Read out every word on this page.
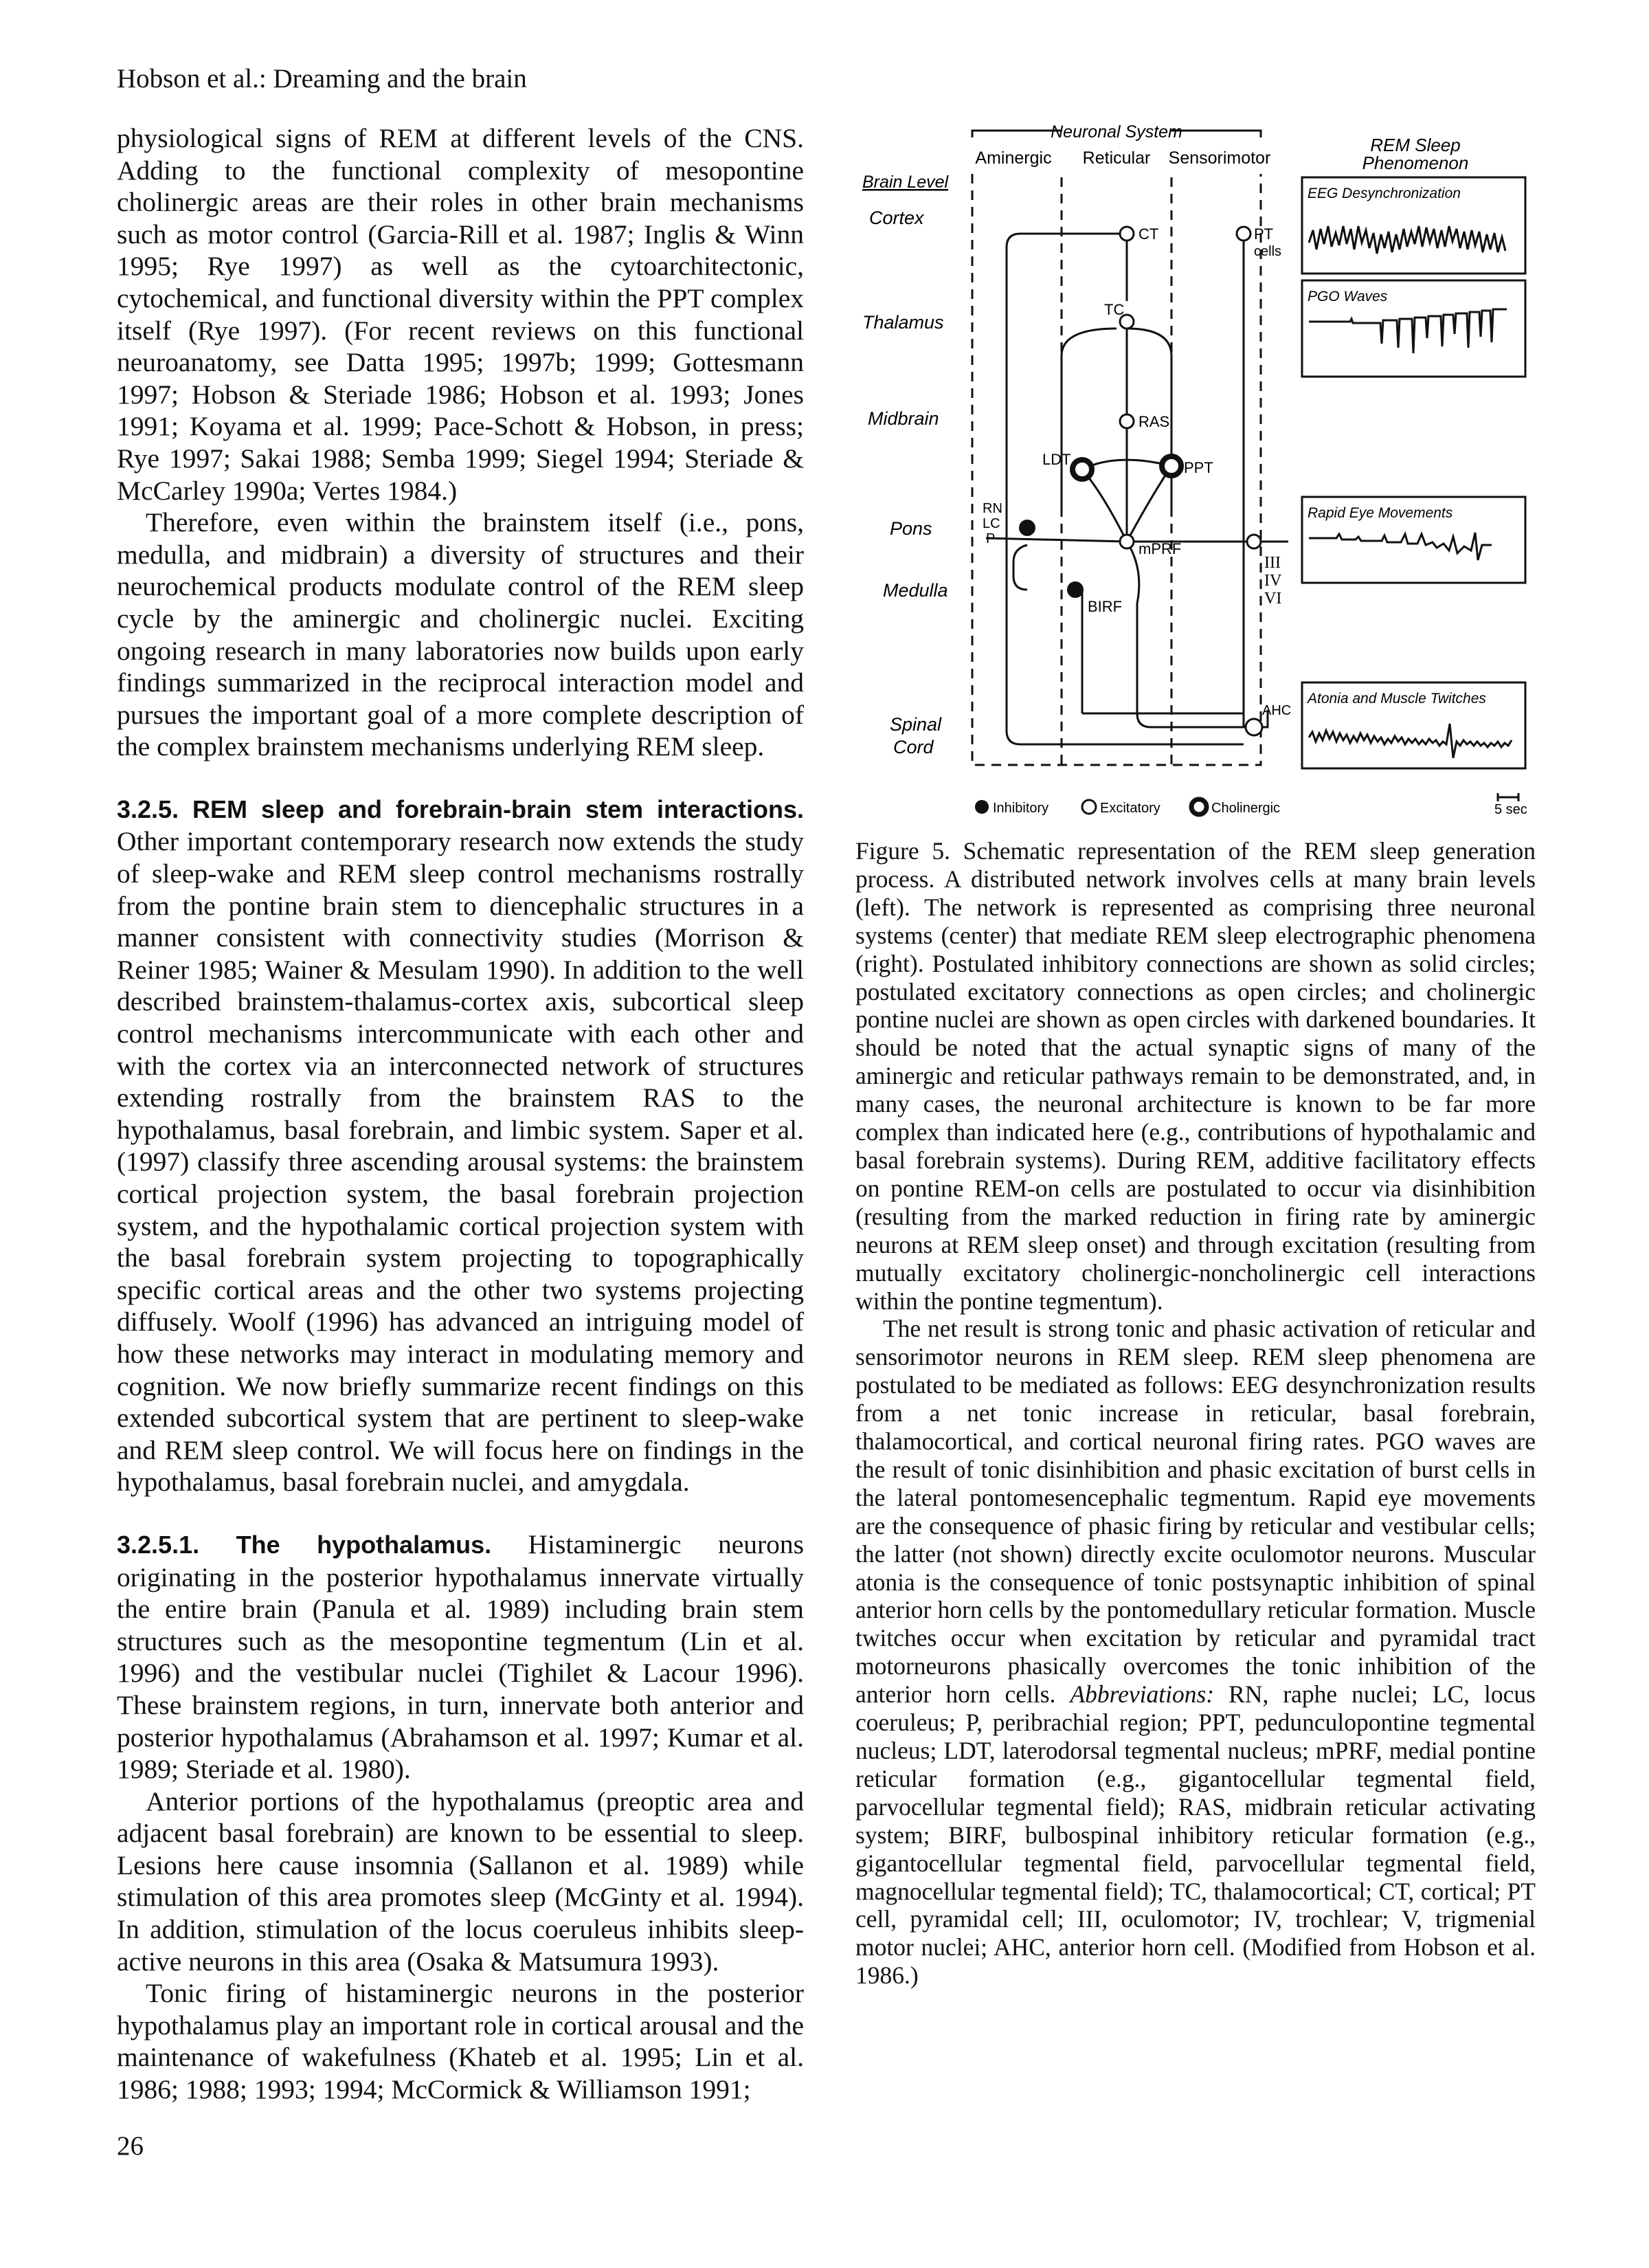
Hobson et al.: Dreaming and the brain

physiological signs of REM at different levels of the CNS. Adding to the functional complexity of mesopontine cholinergic areas are their roles in other brain mechanisms such as motor control (Garcia-Rill et al. 1987; Inglis & Winn 1995; Rye 1997) as well as the cytoarchitectonic, cytochemical, and functional diversity within the PPT complex itself (Rye 1997). (For recent reviews on this functional neuroanatomy, see Datta 1995; 1997b; 1999; Gottesmann 1997; Hobson & Steriade 1986; Hobson et al. 1993; Jones 1991; Koyama et al. 1999; Pace-Schott & Hobson, in press; Rye 1997; Sakai 1988; Semba 1999; Siegel 1994; Steriade & McCarley 1990a; Vertes 1984.)

Therefore, even within the brainstem itself (i.e., pons, medulla, and midbrain) a diversity of structures and their neurochemical products modulate control of the REM sleep cycle by the aminergic and cholinergic nuclei. Exciting ongoing research in many laboratories now builds upon early findings summarized in the reciprocal interaction model and pursues the important goal of a more complete description of the complex brainstem mechanisms underlying REM sleep.

3.2.5. REM sleep and forebrain-brain stem interactions. Other important contemporary research now extends the study of sleep-wake and REM sleep control mechanisms rostrally from the pontine brain stem to diencephalic structures in a manner consistent with connectivity studies (Morrison & Reiner 1985; Wainer & Mesulam 1990). In addition to the well described brainstem-thalamus-cortex axis, subcortical sleep control mechanisms intercommunicate with each other and with the cortex via an interconnected network of structures extending rostrally from the brainstem RAS to the hypothalamus, basal forebrain, and limbic system. Saper et al. (1997) classify three ascending arousal systems: the brainstem cortical projection system, the basal forebrain projection system, and the hypothalamic cortical projection system with the basal forebrain system projecting to topographically specific cortical areas and the other two systems projecting diffusely. Woolf (1996) has advanced an intriguing model of how these networks may interact in modulating memory and cognition. We now briefly summarize recent findings on this extended subcortical system that are pertinent to sleep-wake and REM sleep control. We will focus here on findings in the hypothalamus, basal forebrain nuclei, and amygdala.

3.2.5.1. The hypothalamus. Histaminergic neurons originating in the posterior hypothalamus innervate virtually the entire brain (Panula et al. 1989) including brain stem structures such as the mesopontine tegmentum (Lin et al. 1996) and the vestibular nuclei (Tighilet & Lacour 1996). These brainstem regions, in turn, innervate both anterior and posterior hypothalamus (Abrahamson et al. 1997; Kumar et al. 1989; Steriade et al. 1980).

Anterior portions of the hypothalamus (preoptic area and adjacent basal forebrain) are known to be essential to sleep. Lesions here cause insomnia (Sallanon et al. 1989) while stimulation of this area promotes sleep (McGinty et al. 1994). In addition, stimulation of the locus coeruleus inhibits sleep-active neurons in this area (Osaka & Matsumura 1993).

Tonic firing of histaminergic neurons in the posterior hypothalamus play an important role in cortical arousal and the maintenance of wakefulness (Khateb et al. 1995; Lin et al. 1986; 1988; 1993; 1994; McCormick & Williamson 1991;

Neuronal System
Aminergic Reticular Sensorimotor
Brain Level
REM Sleep
Phenomenon
Cortex
Thalamus
Midbrain
Pons
Medulla
Spinal
Cord
CT	PT
cells
TC
RAS
LDT	PPT
RN
LC
P
mPRF
BIRF
III
IV
VI
AHC
EEG Desynchronization
PGO Waves
Rapid Eye Movements
Atonia and Muscle Twitches
Inhibitory	Excitatory	Cholinergic	5 sec

Figure 5. Schematic representation of the REM sleep generation process. A distributed network involves cells at many brain levels (left). The network is represented as comprising three neuronal systems (center) that mediate REM sleep electrographic phenomena (right). Postulated inhibitory connections are shown as solid circles; postulated excitatory connections as open circles; and cholinergic pontine nuclei are shown as open circles with darkened boundaries. It should be noted that the actual synaptic signs of many of the aminergic and reticular pathways remain to be demonstrated, and, in many cases, the neuronal architecture is known to be far more complex than indicated here (e.g., contributions of hypothalamic and basal forebrain systems). During REM, additive facilitatory effects on pontine REM-on cells are postulated to occur via disinhibition (resulting from the marked reduction in firing rate by aminergic neurons at REM sleep onset) and through excitation (resulting from mutually excitatory cholinergic-noncholinergic cell interactions within the pontine tegmentum).

The net result is strong tonic and phasic activation of reticular and sensorimotor neurons in REM sleep. REM sleep phenomena are postulated to be mediated as follows: EEG desynchronization results from a net tonic increase in reticular, basal forebrain, thalamocortical, and cortical neuronal firing rates. PGO waves are the result of tonic disinhibition and phasic excitation of burst cells in the lateral pontomesencephalic tegmentum. Rapid eye movements are the consequence of phasic firing by reticular and vestibular cells; the latter (not shown) directly excite oculomotor neurons. Muscular atonia is the consequence of tonic postsynaptic inhibition of spinal anterior horn cells by the pontomedullary reticular formation. Muscle twitches occur when excitation by reticular and pyramidal tract motorneurons phasically overcomes the tonic inhibition of the anterior horn cells. Abbreviations: RN, raphe nuclei; LC, locus coeruleus; P, peribrachial region; PPT, pedunculopontine tegmental nucleus; LDT, laterodorsal tegmental nucleus; mPRF, medial pontine reticular formation (e.g., gigantocellular tegmental field, parvocellular tegmental field); RAS, midbrain reticular activating system; BIRF, bulbospinal inhibitory reticular formation (e.g., gigantocellular tegmental field, parvocellular tegmental field, magnocellular tegmental field); TC, thalamocortical; CT, cortical; PT cell, pyramidal cell; III, oculomotor; IV, trochlear; V, trigmenial motor nuclei; AHC, anterior horn cell. (Modified from Hobson et al. 1986.)

26
